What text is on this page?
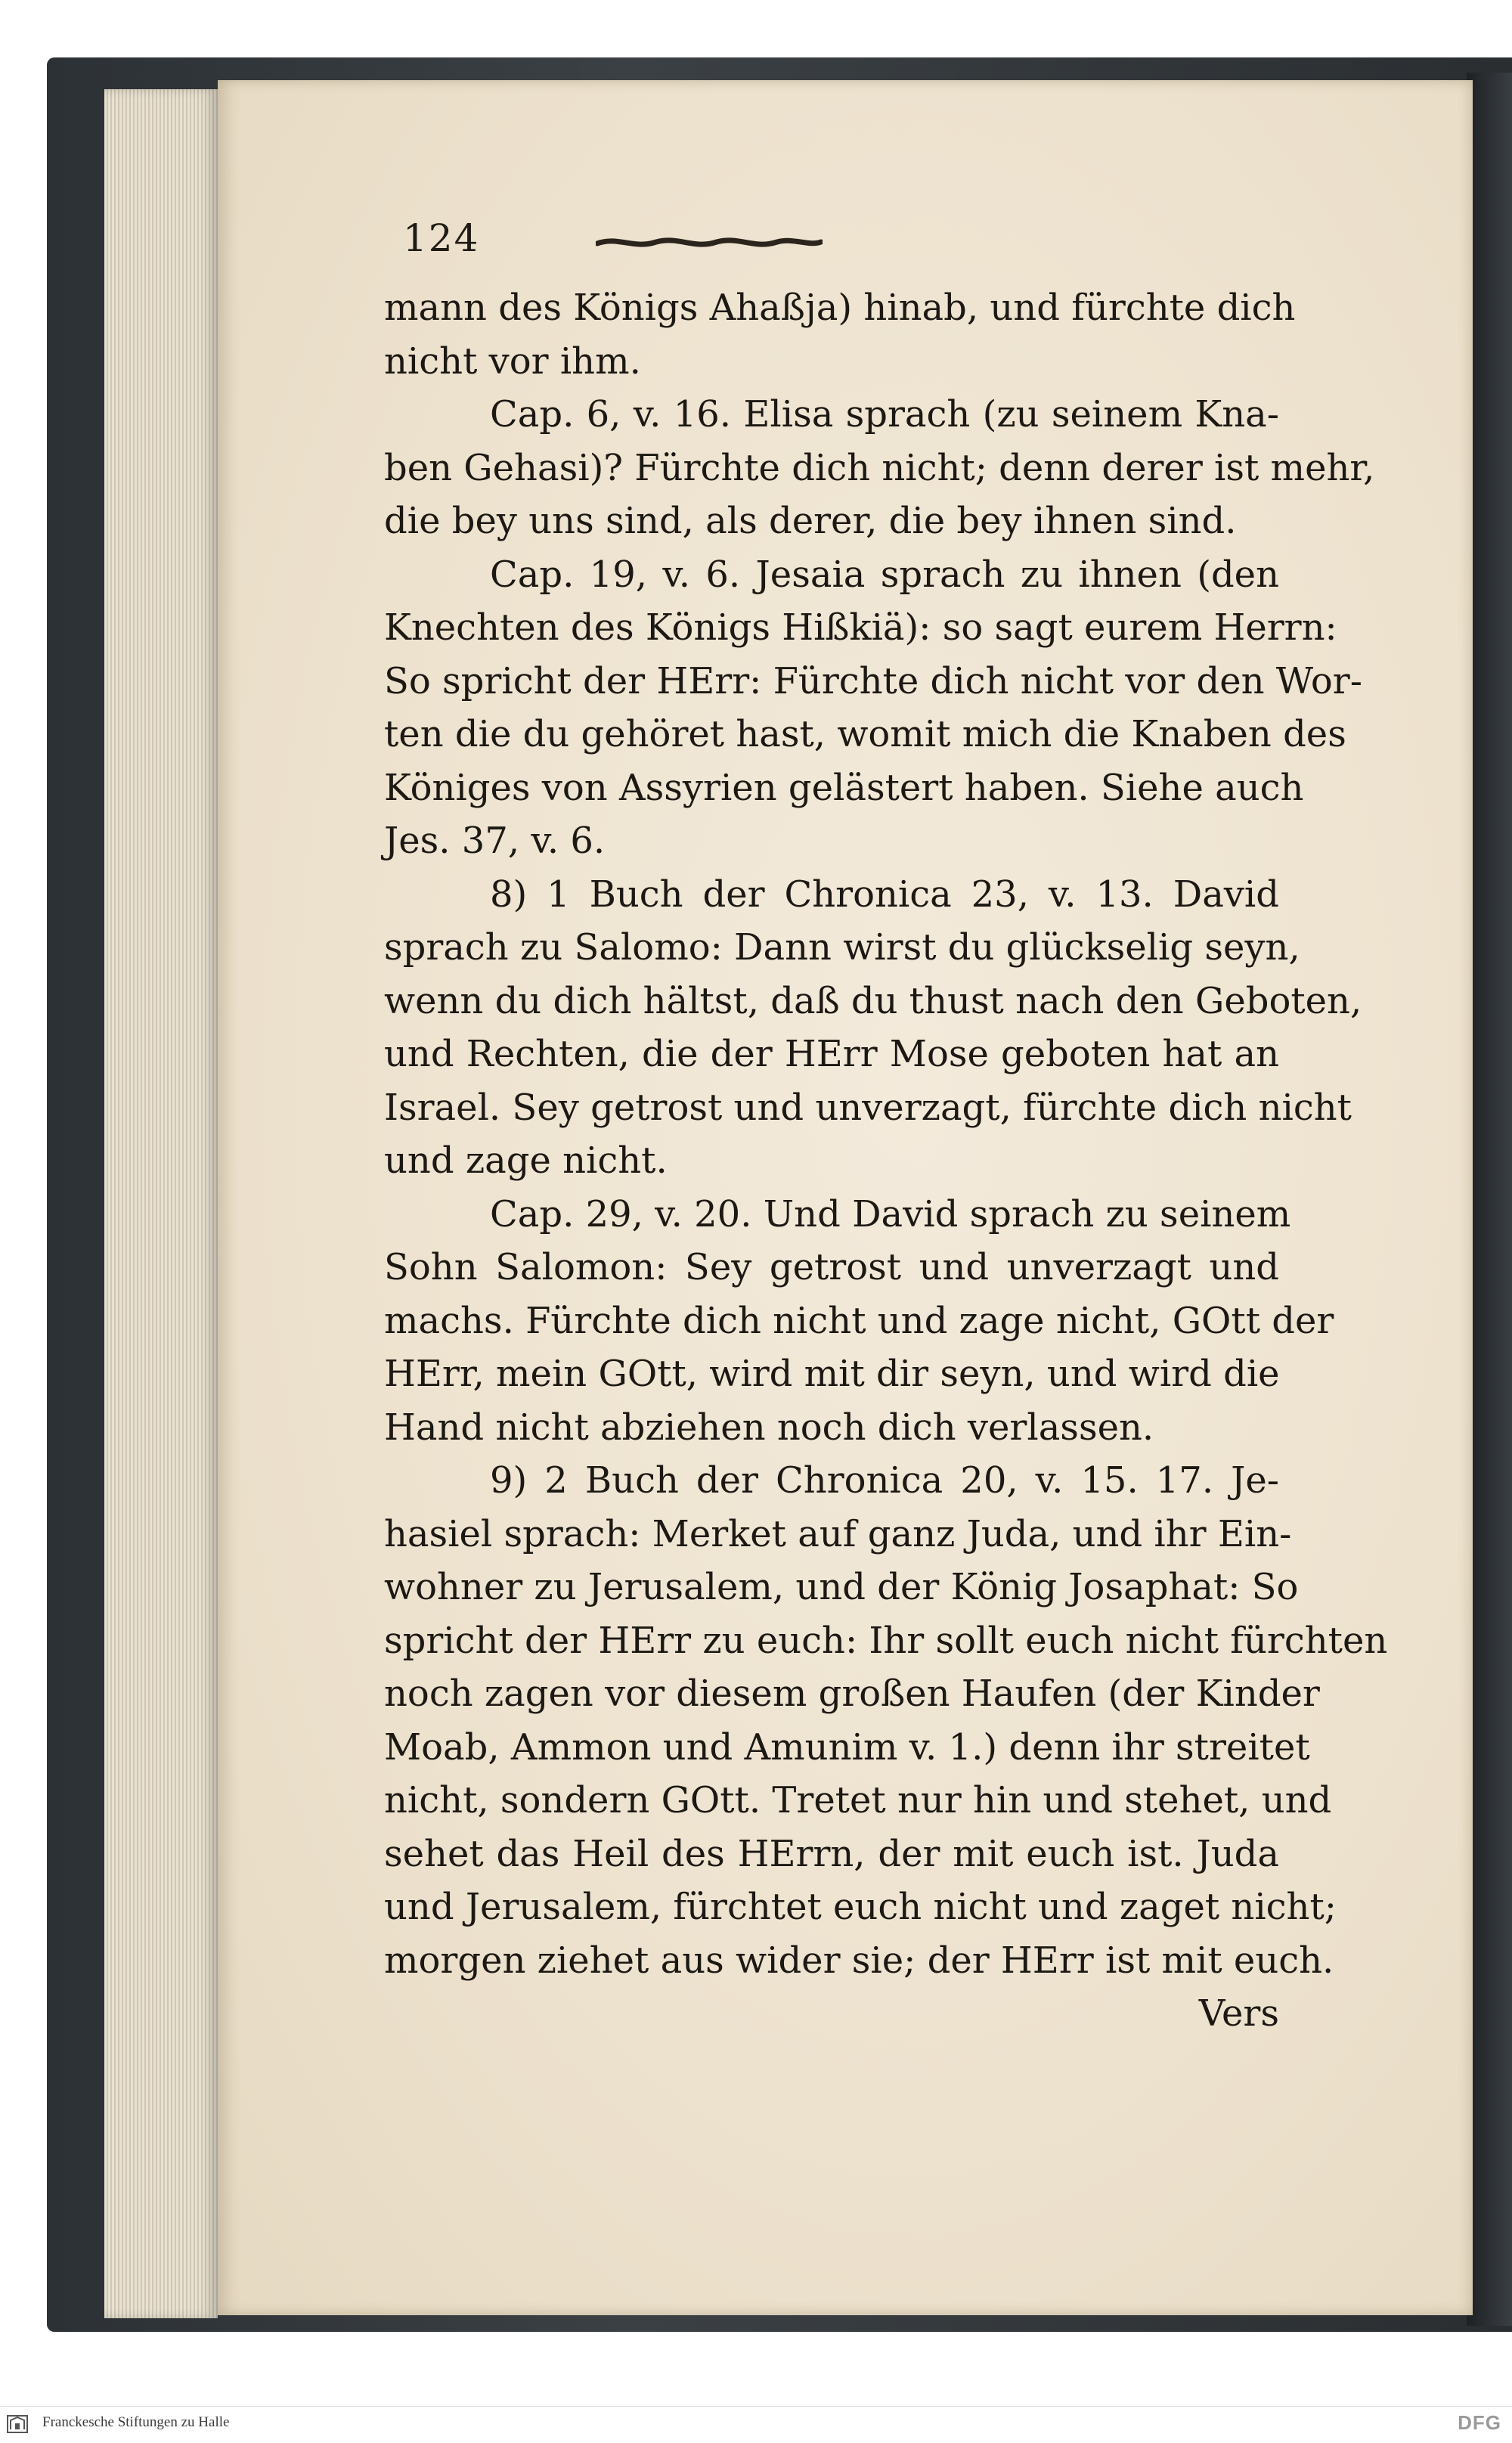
124
mann des Königs Ahaßja) hinab, und fürchte dich
nicht vor ihm.
Cap. 6, v. 16. Elisa sprach (zu seinem Kna-
ben Gehasi)? Fürchte dich nicht; denn derer ist mehr,
die bey uns sind, als derer, die bey ihnen sind.
Cap. 19, v. 6. Jesaia sprach zu ihnen (den
Knechten des Königs Hißkiä): so sagt eurem Herrn:
So spricht der HErr: Fürchte dich nicht vor den Wor-
ten die du gehöret hast, womit mich die Knaben des
Königes von Assyrien gelästert haben. Siehe auch
Jes. 37, v. 6.
8) 1 Buch der Chronica 23, v. 13. David
sprach zu Salomo: Dann wirst du glückselig seyn,
wenn du dich hältst, daß du thust nach den Geboten,
und Rechten, die der HErr Mose geboten hat an
Israel. Sey getrost und unverzagt, fürchte dich nicht
und zage nicht.
Cap. 29, v. 20. Und David sprach zu seinem
Sohn Salomon: Sey getrost und unverzagt und
machs. Fürchte dich nicht und zage nicht, GOtt der
HErr, mein GOtt, wird mit dir seyn, und wird die
Hand nicht abziehen noch dich verlassen.
9) 2 Buch der Chronica 20, v. 15. 17. Je-
hasiel sprach: Merket auf ganz Juda, und ihr Ein-
wohner zu Jerusalem, und der König Josaphat: So
spricht der HErr zu euch: Ihr sollt euch nicht fürchten
noch zagen vor diesem großen Haufen (der Kinder
Moab, Ammon und Amunim v. 1.) denn ihr streitet
nicht, sondern GOtt. Tretet nur hin und stehet, und
sehet das Heil des HErrn, der mit euch ist. Juda
und Jerusalem, fürchtet euch nicht und zaget nicht;
morgen ziehet aus wider sie; der HErr ist mit euch.
Vers
Franckesche Stiftungen zu Halle	DFG
